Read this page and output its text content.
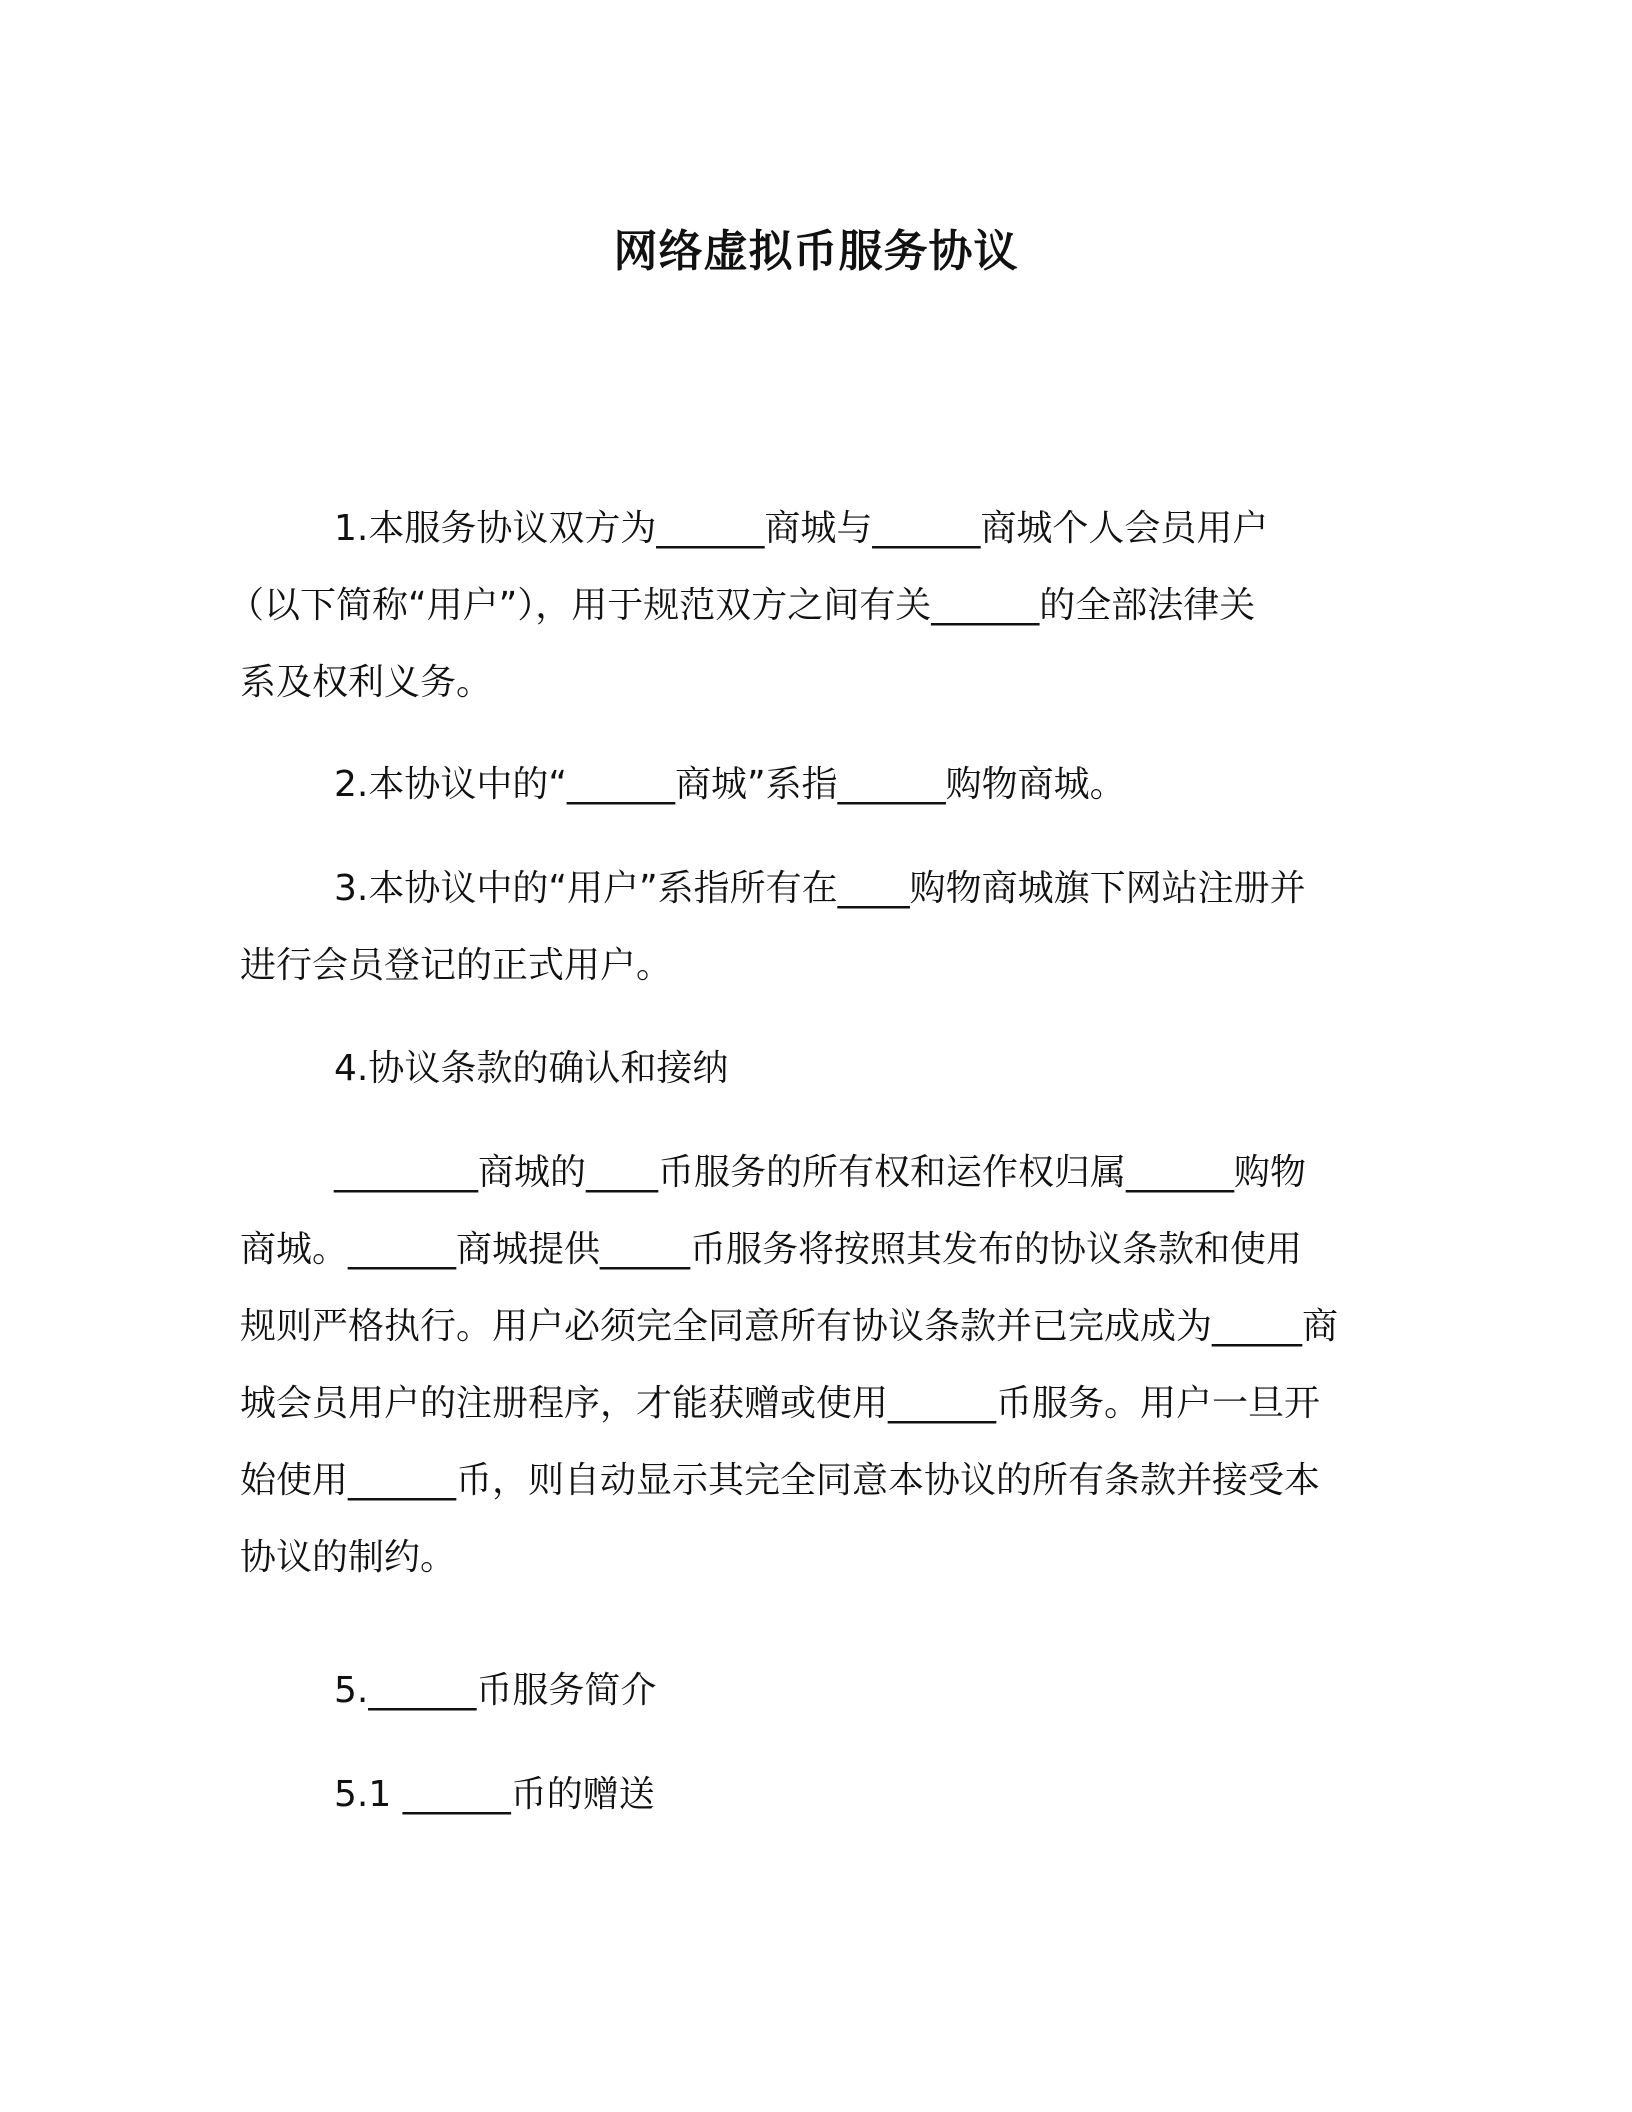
网络虚拟币服务协议
1.本服务协议双方为______商城与______商城个人会员用户
（以下简称“用户”），用于规范双方之间有关______的全部法律关
系及权利义务。
2.本协议中的“______商城”系指______购物商城。
3.本协议中的“用户”系指所有在____购物商城旗下网站注册并
进行会员登记的正式用户。
4.协议条款的确认和接纳
________商城的____币服务的所有权和运作权归属______购物
商城。______商城提供_____币服务将按照其发布的协议条款和使用
规则严格执行。用户必须完全同意所有协议条款并已完成成为_____商
城会员用户的注册程序，才能获赠或使用______币服务。用户一旦开
始使用______币，则自动显示其完全同意本协议的所有条款并接受本
协议的制约。
5.______币服务简介
5.1 ______币的赠送
